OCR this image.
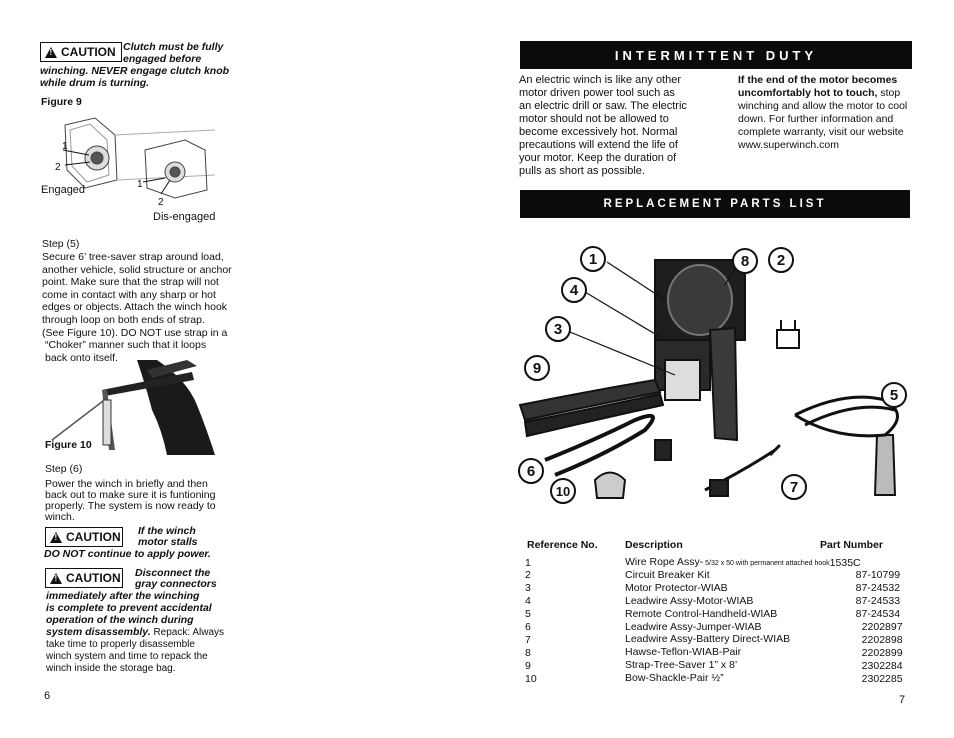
!
CAUTION Clutch must be fully
engaged before
winching. NEVER engage clutch knob
while drum is turning.
Figure 9
1
2
Engaged	1
2
Dis-engaged
Step (5)
Secure 6’ tree-saver strap around load,
another vehicle, solid structure or anchor
point. Make sure that the strap will not
come in contact with any sharp or hot
edges or objects. Attach the winch hook
through loop on both ends of strap.
(See Figure 10). DO NOT use strap in a
“Choker” manner such that it loops
back onto itself.
Figure 10
Step (6)
Power the winch in briefly and then
back out to make sure it is funtioning
properly. The system is now ready to
winch.
!
CAUTION If the winch
motor stalls
DO NOT continue to apply power.
!
CAUTION Disconnect the
gray connectors
immediately after the winching
is complete to prevent accidental
operation of the winch during
system disassembly. Repack: Always
take time to properly disassemble
winch system and time to repack the
winch inside the storage bag.
6
INTERMITTENT DUTY
An electric winch is like any other
motor driven power tool such as
an electric drill or saw. The electric
motor should not be allowed to
become excessively hot. Normal
precautions will extend the life of
your motor. Keep the duration of
pulls as short as possible.
If the end of the motor becomes
uncomfortably hot to touch, stop
winching and allow the motor to cool
down. For further information and
complete warranty, visit our website
www.superwinch.com
REPLACEMENT PARTS LIST
1	2
3
4
5
6
7
8
9
10
Reference No.	Description	Part Number
1	Wire Rope Assy- 5/32 x 50 with permanent attached hook	1535C
2	Circuit Breaker Kit	87-10799
3	Motor Protector-WIAB	87-24532
4	Leadwire Assy-Motor-WIAB	87-24533
5	Remote Control-Handheld-WIAB	87-24534
6	Leadwire Assy-Jumper-WIAB	2202897
7	Leadwire Assy-Battery Direct-WIAB	2202898
8	Hawse-Teflon-WIAB-Pair	2202899
9	Strap-Tree-Saver 1” x 8’	2302284
10	Bow-Shackle-Pair ½”	2302285
7
